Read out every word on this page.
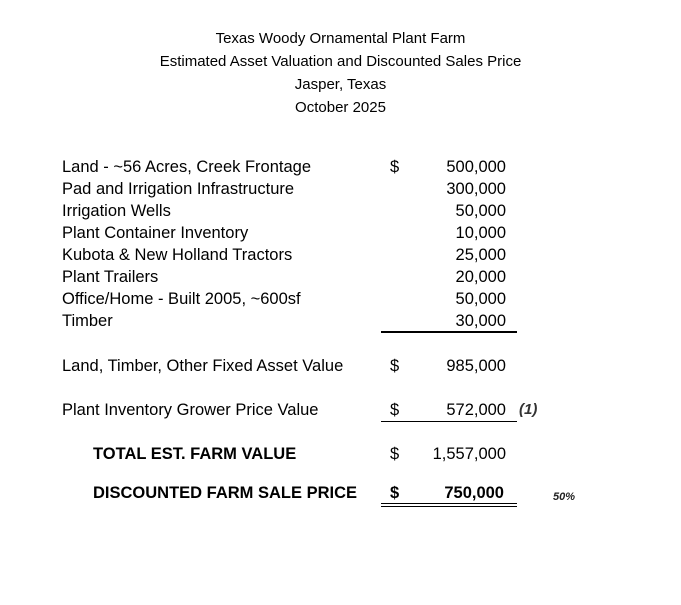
Texas Woody Ornamental Plant Farm
Estimated Asset Valuation and Discounted Sales Price
Jasper, Texas
October 2025
Land - ~56 Acres, Creek Frontage	$	500,000
Pad and Irrigation Infrastructure	300,000
Irrigation Wells	50,000
Plant Container Inventory	10,000
Kubota & New Holland Tractors	25,000
Plant Trailers	20,000
Office/Home - Built 2005, ~600sf	50,000
Timber	30,000
Land, Timber, Other Fixed Asset Value	$	985,000
Plant Inventory Grower Price Value	$	572,000 (1)
TOTAL EST. FARM VALUE	$ 1,557,000
DISCOUNTED FARM SALE PRICE $	750,000	50%
